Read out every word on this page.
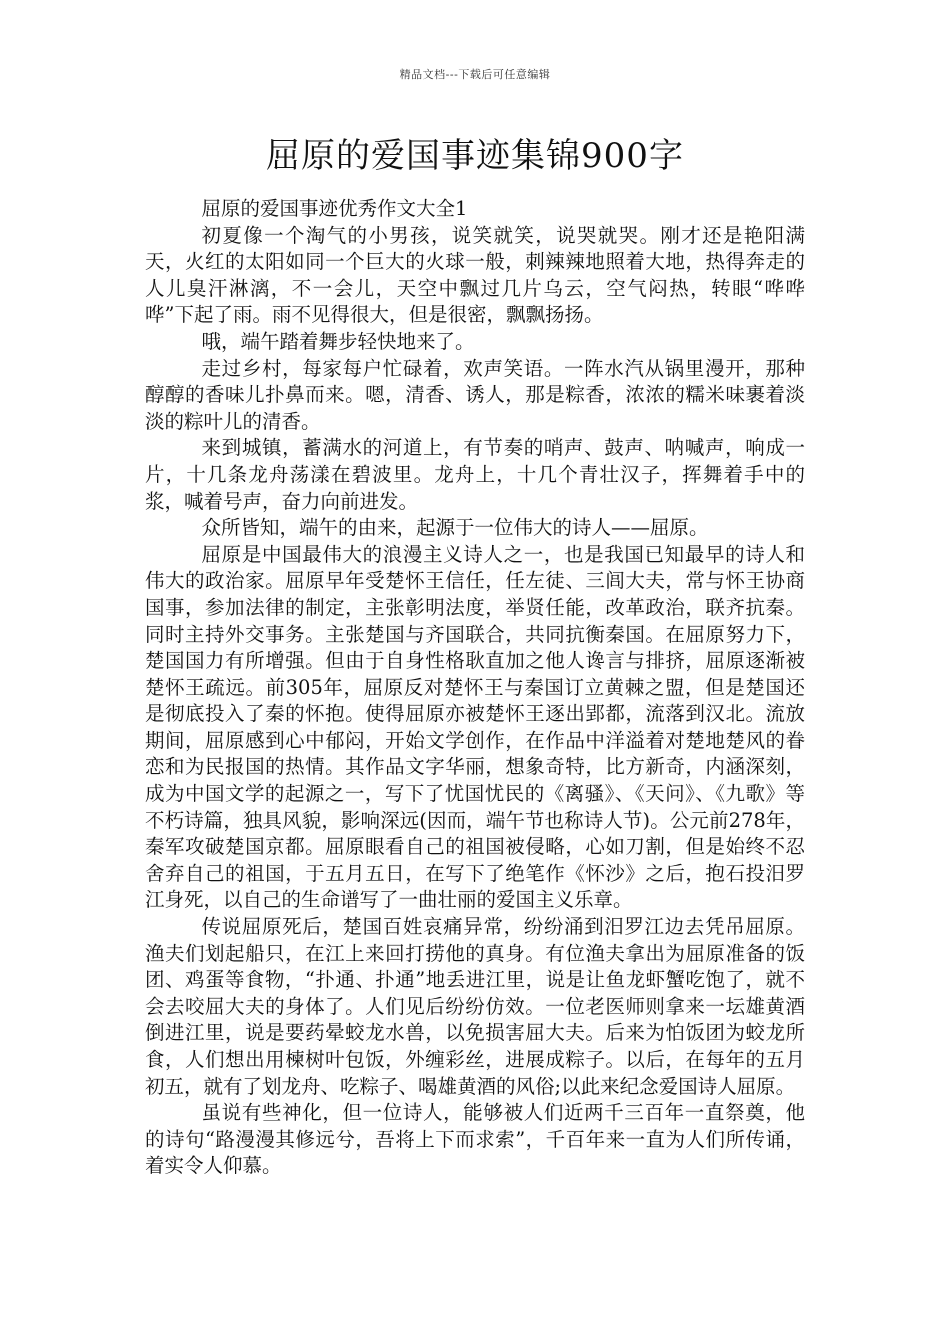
精品文档---下载后可任意编辑
屈原的爱国事迹集锦900字

屈原的爱国事迹优秀作文大全1

初夏像一个淘气的小男孩，说笑就笑，说哭就哭。刚才还是艳阳满天，火红的太阳如同一个巨大的火球一般，刺辣辣地照着大地，热得奔走的人儿臭汗淋漓，不一会儿，天空中飘过几片乌云，空气闷热，转眼“哗哗哗”下起了雨。雨不见得很大，但是很密，飘飘扬扬。

哦，端午踏着舞步轻快地来了。

走过乡村，每家每户忙碌着，欢声笑语。一阵水汽从锅里漫开，那种醇醇的香味儿扑鼻而来。嗯，清香、诱人，那是粽香，浓浓的糯米味裹着淡淡的粽叶儿的清香。

来到城镇，蓄满水的河道上，有节奏的哨声、鼓声、呐喊声，响成一片，十几条龙舟荡漾在碧波里。龙舟上，十几个青壮汉子，挥舞着手中的浆，喊着号声，奋力向前进发。

众所皆知，端午的由来，起源于一位伟大的诗人——屈原。

屈原是中国最伟大的浪漫主义诗人之一，也是我国已知最早的诗人和伟大的政治家。屈原早年受楚怀王信任，任左徒、三闾大夫，常与怀王协商国事，参加法律的制定，主张彰明法度，举贤任能，改革政治，联齐抗秦。同时主持外交事务。主张楚国与齐国联合，共同抗衡秦国。在屈原努力下，楚国国力有所增强。但由于自身性格耿直加之他人谗言与排挤，屈原逐渐被楚怀王疏远。前305年，屈原反对楚怀王与秦国订立黄棘之盟，但是楚国还是彻底投入了秦的怀抱。使得屈原亦被楚怀王逐出郢都，流落到汉北。流放期间，屈原感到心中郁闷，开始文学创作，在作品中洋溢着对楚地楚风的眷恋和为民报国的热情。其作品文字华丽，想象奇特，比方新奇，内涵深刻，成为中国文学的起源之一，写下了忧国忧民的《离骚》、《天问》、《九歌》等不朽诗篇，独具风貌，影响深远(因而，端午节也称诗人节)。公元前278年，秦军攻破楚国京都。屈原眼看自己的祖国被侵略，心如刀割，但是始终不忍舍弃自己的祖国，于五月五日，在写下了绝笔作《怀沙》之后，抱石投汨罗江身死，以自己的生命谱写了一曲壮丽的爱国主义乐章。

传说屈原死后，楚国百姓哀痛异常，纷纷涌到汨罗江边去凭吊屈原。渔夫们划起船只，在江上来回打捞他的真身。有位渔夫拿出为屈原准备的饭团、鸡蛋等食物，“扑通、扑通”地丢进江里，说是让鱼龙虾蟹吃饱了，就不会去咬屈大夫的身体了。人们见后纷纷仿效。一位老医师则拿来一坛雄黄酒倒进江里，说是要药晕蛟龙水兽，以免损害屈大夫。后来为怕饭团为蛟龙所食，人们想出用楝树叶包饭，外缠彩丝，进展成粽子。以后，在每年的五月初五，就有了划龙舟、吃粽子、喝雄黄酒的风俗;以此来纪念爱国诗人屈原。

虽说有些神化，但一位诗人，能够被人们近两千三百年一直祭奠，他的诗句“路漫漫其修远兮，吾将上下而求索”，千百年来一直为人们所传诵，着实令人仰慕。
